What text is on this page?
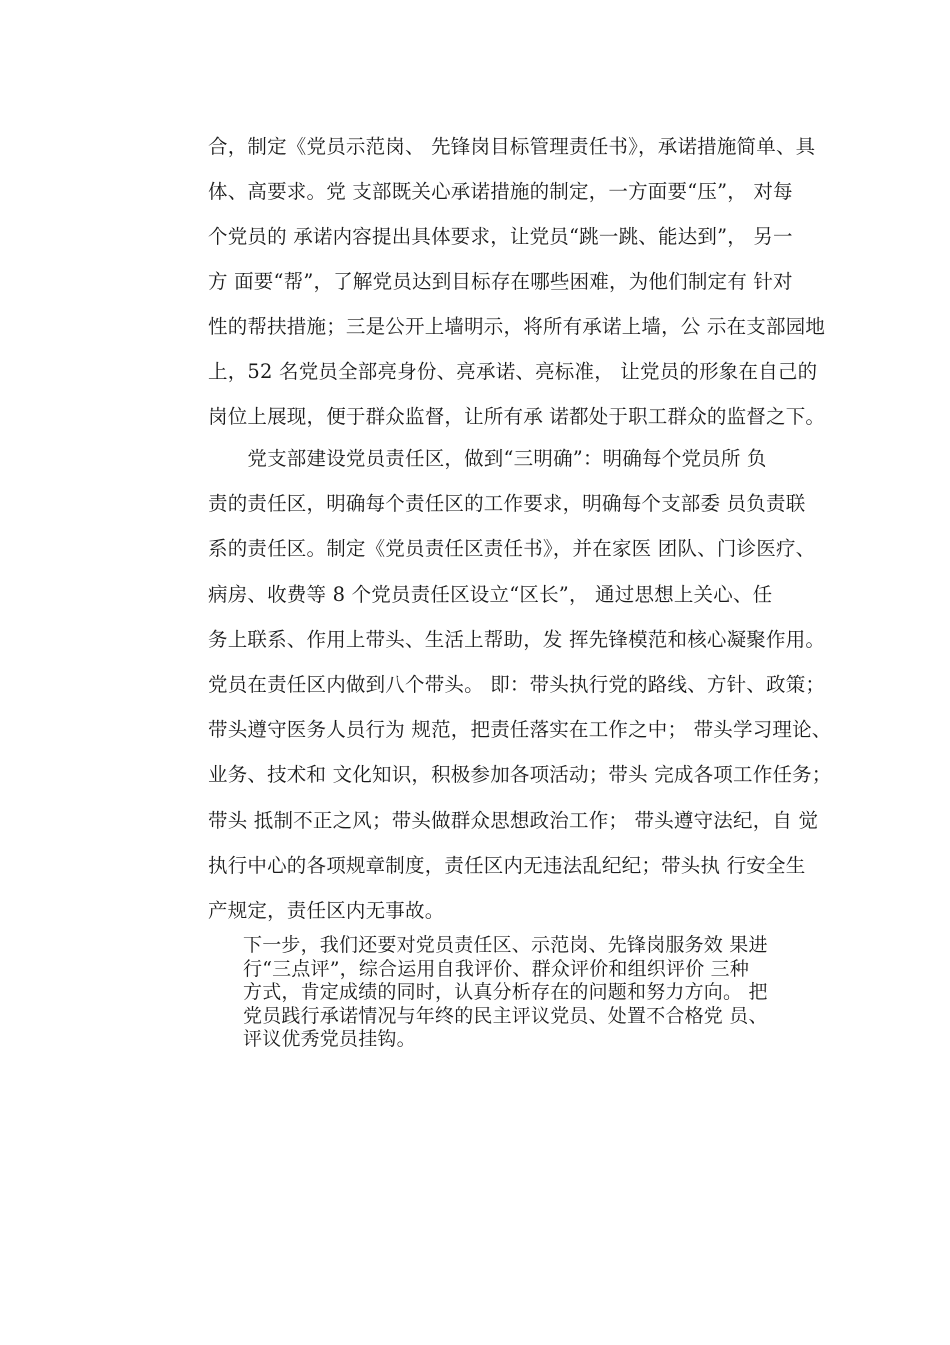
合，制定《党员示范岗、 先锋岗目标管理责任书》，承诺措施简单、具
体、高要求。党 支部既关心承诺措施的制定，一方面要“压”， 对每
个党员的 承诺内容提出具体要求，让党员“跳一跳、能达到”， 另一
方 面要“帮”，了解党员达到目标存在哪些困难，为他们制定有 针对
性的帮扶措施；三是公开上墙明示，将所有承诺上墙，公 示在支部园地
上，52 名党员全部亮身份、亮承诺、亮标准， 让党员的形象在自己的
岗位上展现，便于群众监督，让所有承 诺都处于职工群众的监督之下。
　　党支部建设党员责任区，做到“三明确”：明确每个党员所 负
责的责任区，明确每个责任区的工作要求，明确每个支部委 员负责联
系的责任区。制定《党员责任区责任书》，并在家医 团队、门诊医疗、
病房、收费等 8 个党员责任区设立“区长”， 通过思想上关心、任
务上联系、作用上带头、生活上帮助，发 挥先锋模范和核心凝聚作用。
党员在责任区内做到八个带头。 即：带头执行党的路线、方针、政策；
带头遵守医务人员行为 规范，把责任落实在工作之中； 带头学习理论、
业务、技术和 文化知识，积极参加各项活动；带头 完成各项工作任务；
带头 抵制不正之风；带头做群众思想政治工作； 带头遵守法纪，自 觉
执行中心的各项规章制度，责任区内无违法乱纪纪；带头执 行安全生
产规定，责任区内无事故。
下一步，我们还要对党员责任区、示范岗、先锋岗服务效 果进
行“三点评”，综合运用自我评价、群众评价和组织评价 三种
方式，肯定成绩的同时，认真分析存在的问题和努力方向。 把
党员践行承诺情况与年终的民主评议党员、处置不合格党 员、
评议优秀党员挂钩。
